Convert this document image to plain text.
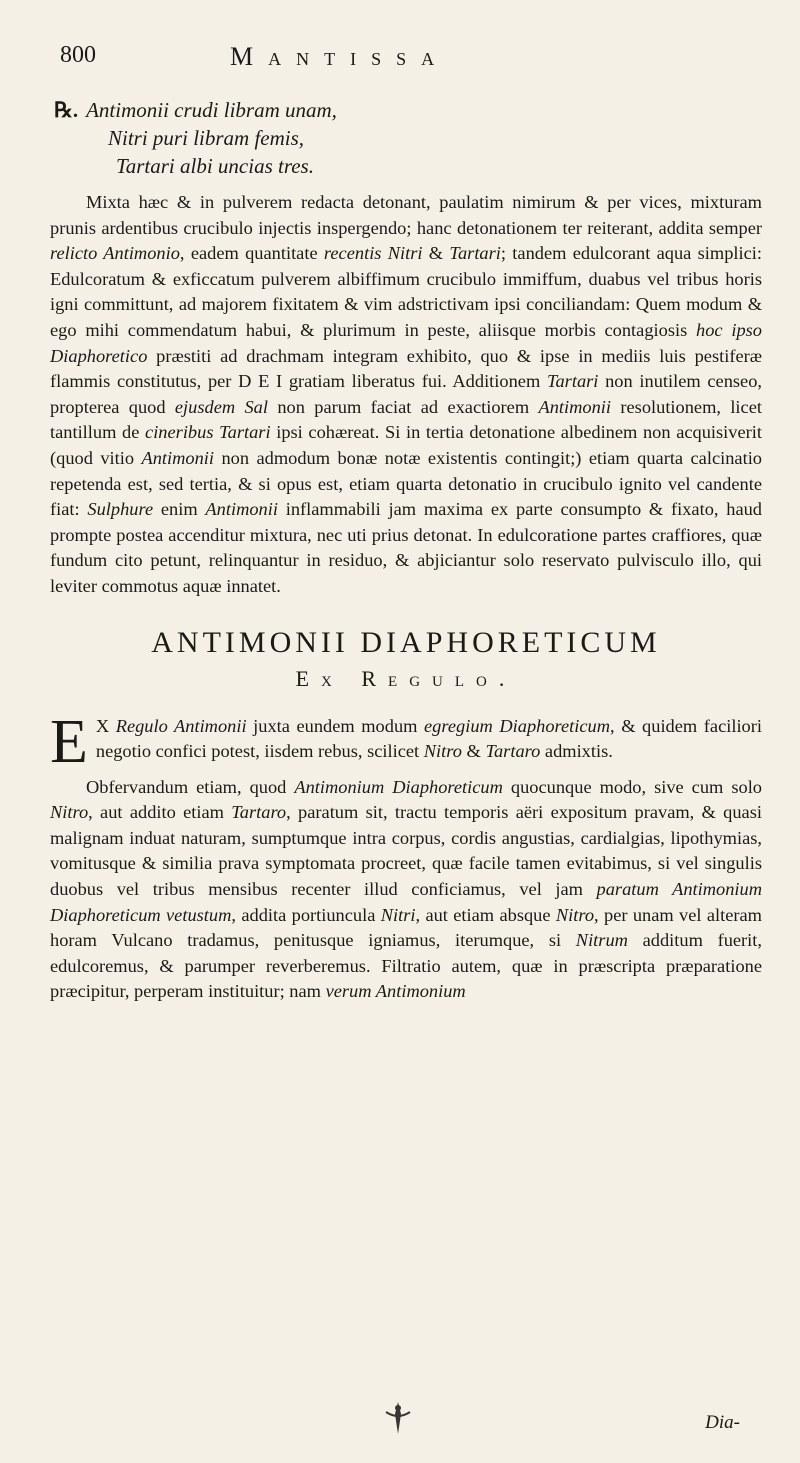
800	Mantissa
℞. Antimonii crudi libram unam,
Nitri puri libram femis,
Tartari albi uncias tres.

Mixta hæc & in pulverem redacta detonant, paulatim nimirum & per vices, mixturam prunis ardentibus crucibulo injectis inspergendo; hanc detonationem ter reiterant, addita semper relicto Antimonio, eadem quantitate recentis Nitri & Tartari; tandem edulcorant aqua simplici: Edulcoratum & exficcatum pulverem albiffimum crucibulo immiffum, duabus vel tribus horis igni committunt, ad majorem fixitatem & vim adstrictivam ipsi conciliandam: Quem modum & ego mihi commendatum habui, & plurimum in peste, aliisque morbis contagiosis hoc ipso Diaphoretico præstiti ad drachmam integram exhibito, quo & ipse in mediis luis pestiferæ flammis constitutus, per D E I gratiam liberatus fui. Additionem Tartari non inutilem censeo, propterea quod ejusdem Sal non parum faciat ad exactiorem Antimonii resolutionem, licet tantillum de cineribus Tartari ipsi cohæreat. Si in tertia detonatione albedinem non acquisiverit (quod vitio Antimonii non admodum bonæ notæ existentis contingit;) etiam quarta calcinatio repetenda est, sed tertia, & si opus est, etiam quarta detonatio in crucibulo ignito vel candente fiat: Sulphure enim Antimonii inflammabili jam maxima ex parte consumpto & fixato, haud prompte postea accenditur mixtura, nec uti prius detonat. In edulcoratione partes craffiores, quæ fundum cito petunt, relinquantur in residuo, & abjiciantur solo reservato pulvisculo illo, qui leviter commotus aquæ innatet.

ANTIMONII DIAPHORETICUM
Ex Regulo.

E X Regulo Antimonii juxta eundem modum egregium Diaphoreticum, & quidem faciliori negotio confici potest, iisdem rebus, scilicet Nitro & Tartaro admixtis.

Obfervandum etiam, quod Antimonium Diaphoreticum quocunque modo, sive cum solo Nitro, aut addito etiam Tartaro, paratum sit, tractu temporis aëri expositum pravam, & quasi malignam induat naturam, sumptumque intra corpus, cordis angustias, cardialgias, lipothymias, vomitusque & similia prava symptomata procreet, quæ facile tamen evitabimus, si vel singulis duobus vel tribus mensibus recenter illud conficiamus, vel jam paratum Antimonium Diaphoreticum vetustum, addita portiuncula Nitri, aut etiam absque Nitro, per unam vel alteram horam Vulcano tradamus, penitusque igniamus, iterumque, si Nitrum additum fuerit, edulcoremus, & parumper reverberemus. Filtratio autem, quæ in præscripta præparatione præcipitur, perperam instituitur; nam verum Antimonium

Dia-
